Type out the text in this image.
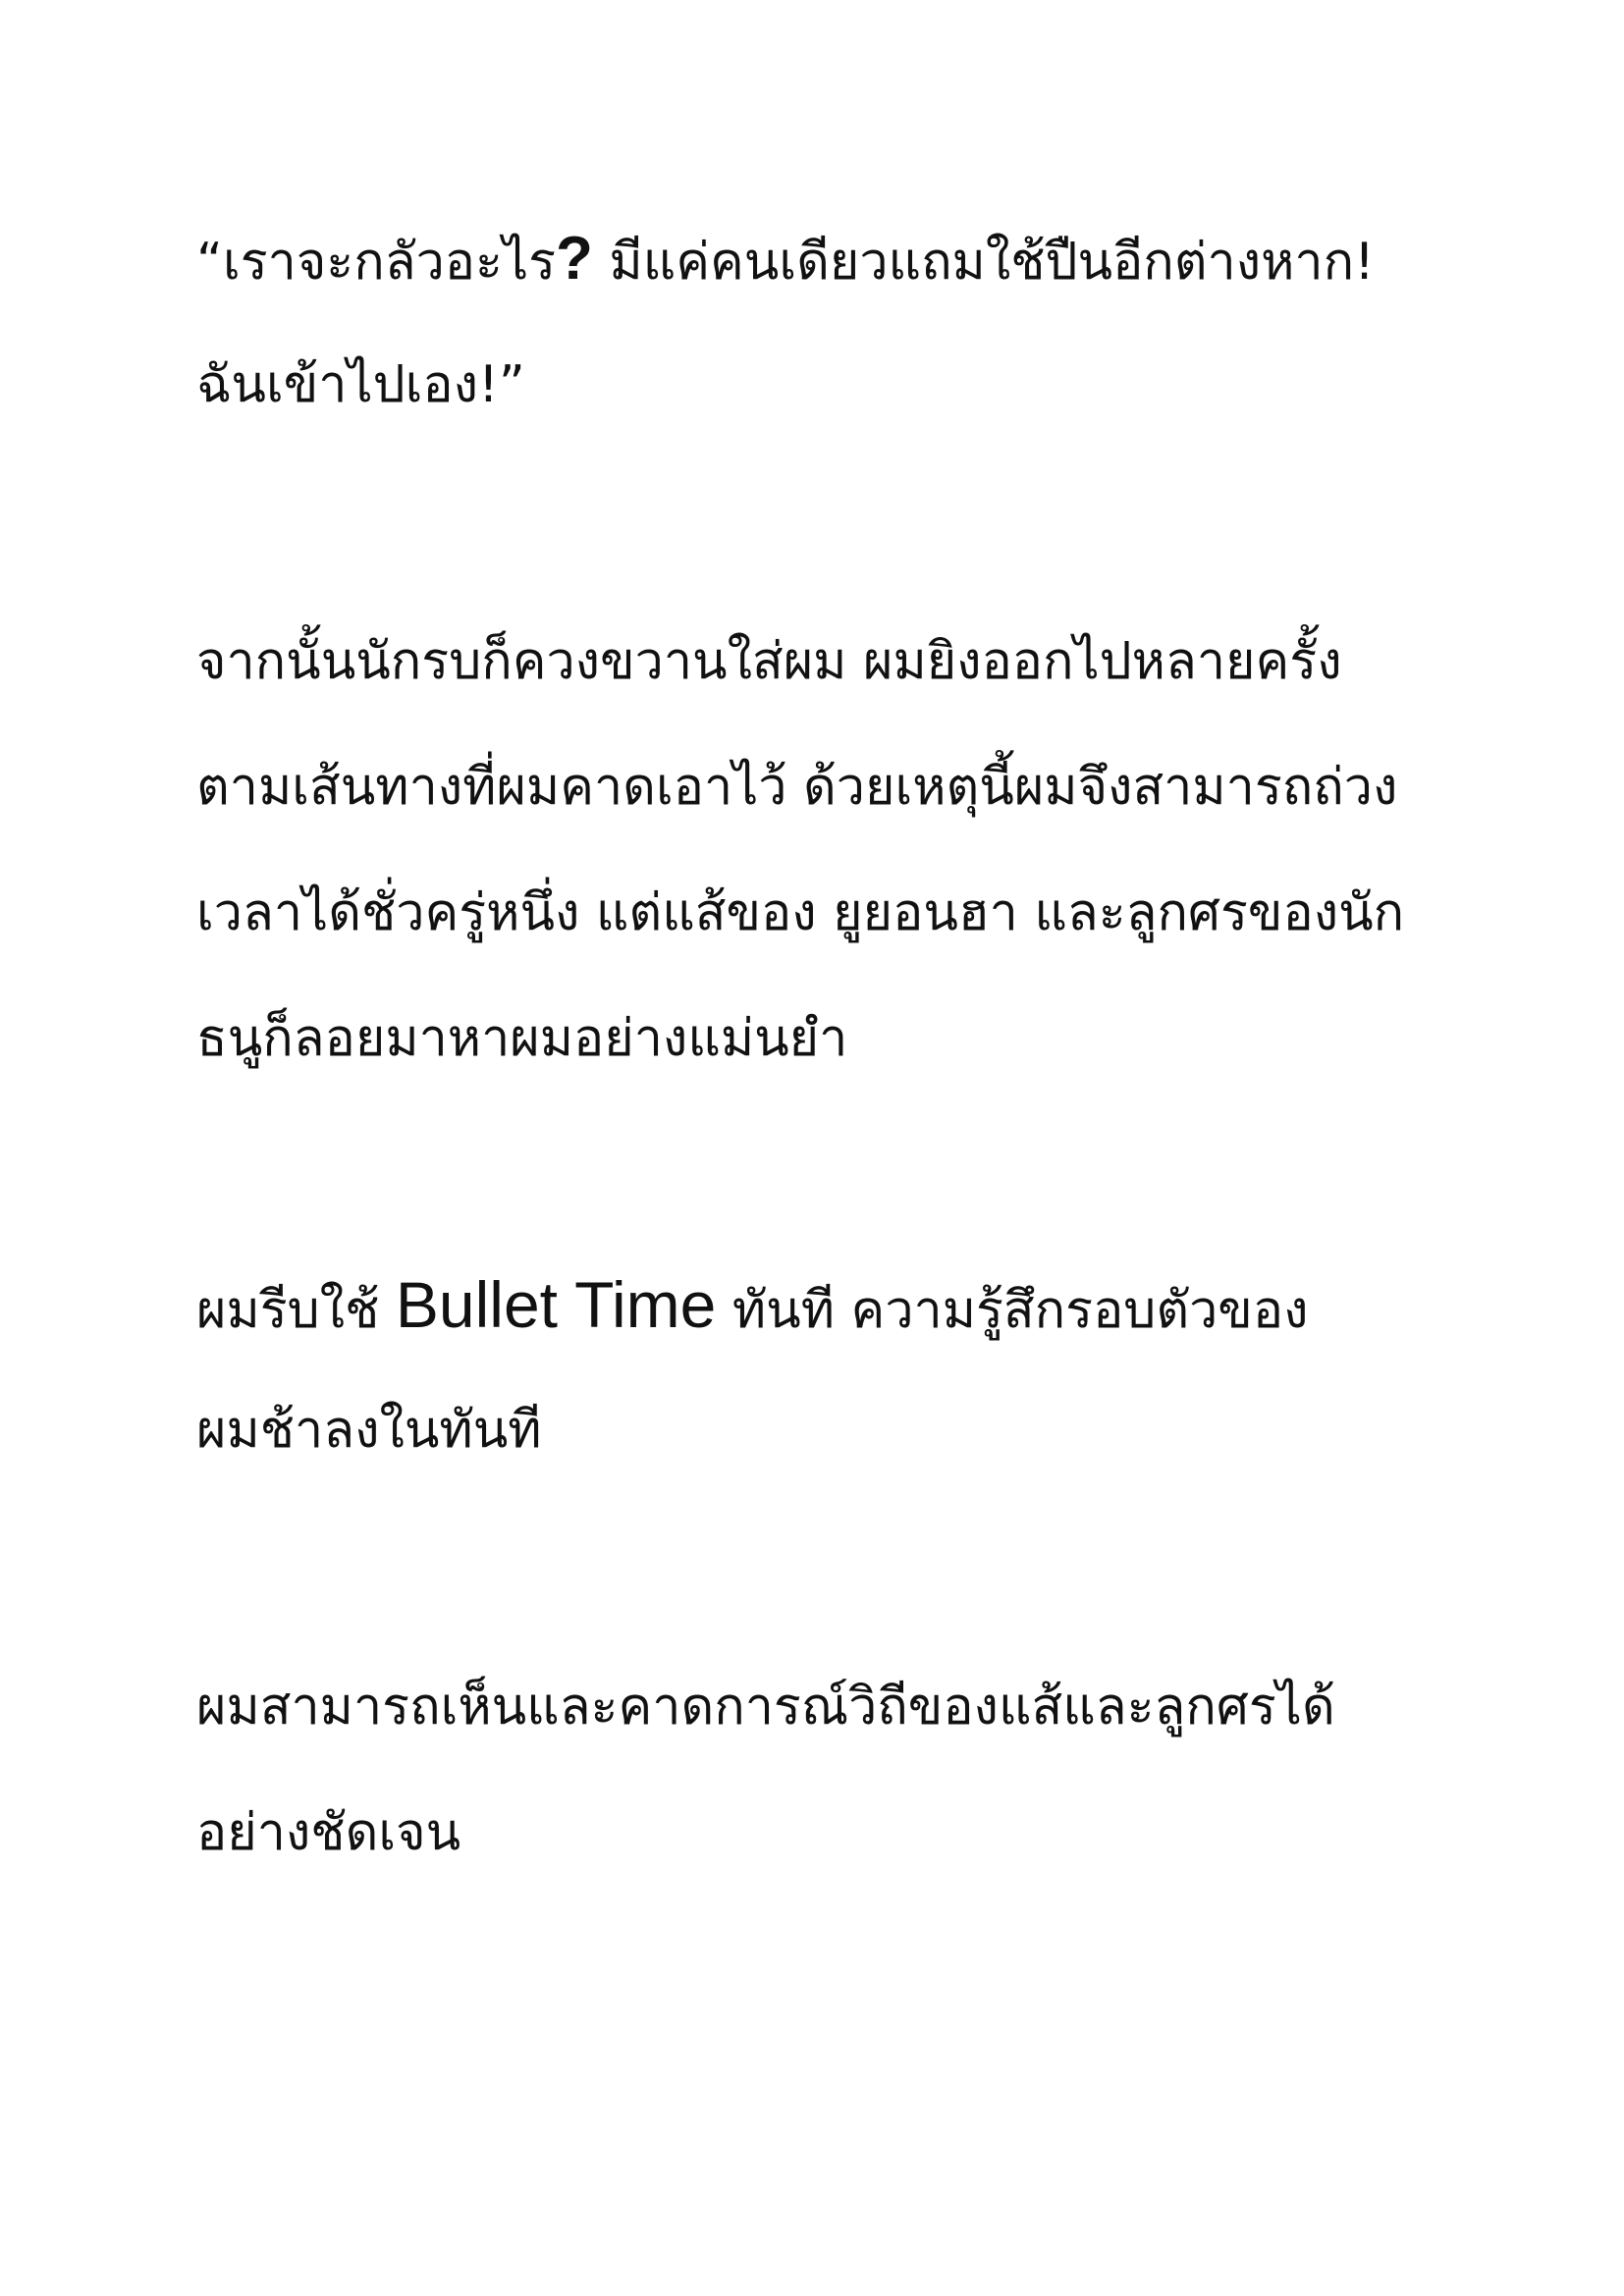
“เราจะกลัวอะไร? มีแค่คนเดียวแถมใช้ปืนอีกต่างหาก!
ฉันเข้าไปเอง!”

จากนั้นนักรบก็ควงขวานใส่ผม ผมยิงออกไปหลายครั้ง
ตามเส้นทางที่ผมคาดเอาไว้ ด้วยเหตุนี้ผมจึงสามารถถ่วง
เวลาได้ชั่วครู่หนึ่ง แต่แส้ของ ยูยอนฮา และลูกศรของนัก
ธนูก็ลอยมาหาผมอย่างแม่นยำ

ผมรีบใช้ Bullet Time ทันที ความรู้สึกรอบตัวของ
ผมช้าลงในทันที

ผมสามารถเห็นและคาดการณ์วิถีของแส้และลูกศรได้
อย่างชัดเจน
